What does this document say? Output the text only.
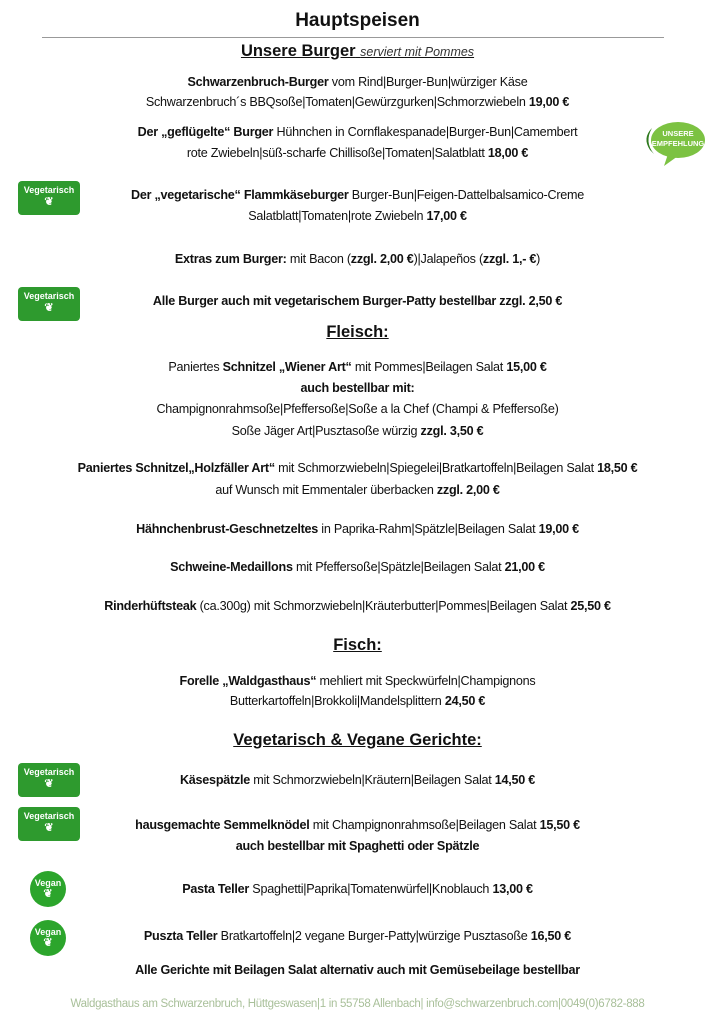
Hauptspeisen
Unsere Burger serviert mit Pommes
Fleisch:
Fisch:
Vegetarisch & Vegane Gerichte:
Schwarzenbruch-Burger vom Rind|Burger-Bun|würziger Käse
Schwarzenbruch´s BBQsoße|Tomaten|Gewürzgurken|Schmorzwiebeln 19,00 €
Der „geflügelte“ Burger Hühnchen in Cornflakespanade|Burger-Bun|Camembert
rote Zwiebeln|süß-scharfe Chillisoße|Tomaten|Salatblatt 18,00 €
Der „vegetarische“ Flammkäseburger Burger-Bun|Feigen-Dattelbalsamico-Creme
Salatblatt|Tomaten|rote Zwiebeln 17,00 €
Extras zum Burger: mit Bacon (zzgl. 2,00 €)|Jalapeños (zzgl. 1,- €)
Alle Burger auch mit vegetarischem Burger-Patty bestellbar zzgl. 2,50 €
Paniertes Schnitzel „Wiener Art“ mit Pommes|Beilagen Salat 15,00 €
auch bestellbar mit:
Champignonrahmsoße|Pfeffersoße|Soße a la Chef (Champi & Pfeffersoße)
Soße Jäger Art|Pusztasoße würzig zzgl. 3,50 €
Paniertes Schnitzel„Holzfäller Art“ mit Schmorzwiebeln|Spiegelei|Bratkartoffeln|Beilagen Salat 18,50 €
auf Wunsch mit Emmentaler überbacken zzgl. 2,00 €
Hähnchenbrust-Geschnetzeltes in Paprika-Rahm|Spätzle|Beilagen Salat 19,00 €
Schweine-Medaillons mit Pfeffersoße|Spätzle|Beilagen Salat 21,00 €
Rinderhüftsteak (ca.300g) mit Schmorzwiebeln|Kräuterbutter|Pommes|Beilagen Salat 25,50 €
Forelle „Waldgasthaus“ mehliert mit Speckwürfeln|Champignons
Butterkartoffeln|Brokkoli|Mandelsplittern 24,50 €
Käsespätzle mit Schmorzwiebeln|Kräutern|Beilagen Salat 14,50 €
hausgemachte Semmelknödel mit Champignonrahmsoße|Beilagen Salat 15,50 €
auch bestellbar mit Spaghetti oder Spätzle
Pasta Teller Spaghetti|Paprika|Tomatenwürfel|Knoblauch 13,00 €
Puszta Teller Bratkartoffeln|2 vegane Burger-Patty|würzige Pusztasoße 16,50 €
Alle Gerichte mit Beilagen Salat alternativ auch mit Gemüsebeilage bestellbar
Vegetarisch
❦
Vegetarisch
❦
Vegetarisch
❦
Vegetarisch
❦
Vegan
❦
Vegan
❦
UNSERE
EMPFEHLUNG
Waldgasthaus am Schwarzenbruch, Hüttgeswasen|1 in 55758 Allenbach| info@schwarzenbruch.com|0049(0)6782-888
